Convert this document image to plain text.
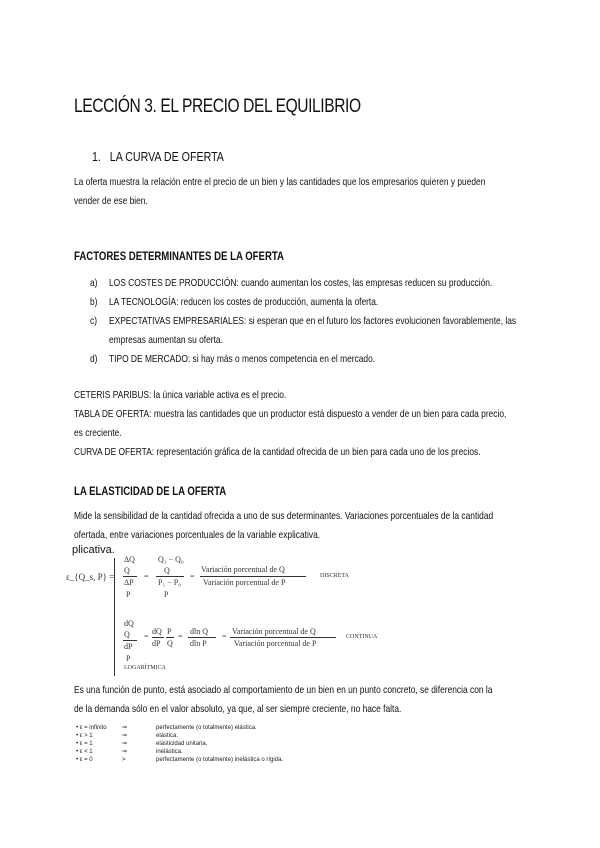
LECCIÓN 3. EL PRECIO DEL EQUILIBRIO
1. LA CURVA DE OFERTA
La oferta muestra la relación entre el precio de un bien y las cantidades que los empresarios quieren y pueden
vender de ese bien.
FACTORES DETERMINANTES DE LA OFERTA
a) LOS COSTES DE PRODUCCIÓN: cuando aumentan los costes, las empresas reducen su producción.
b) LA TECNOLOGÍA: reducen los costes de producción, aumenta la oferta.
c) EXPECTATIVAS EMPRESARIALES: si esperan que en el futuro los factores evolucionen favorablemente, las
empresas aumentan su oferta.
d) TIPO DE MERCADO: si hay más o menos competencia en el mercado.
CETERIS PARIBUS: la única variable activa es el precio.
TABLA DE OFERTA: muestra las cantidades que un productor está dispuesto a vender de un bien para cada precio,
es creciente.
CURVA DE OFERTA: representación gráfica de la cantidad ofrecida de un bien para cada uno de los precios.
LA ELASTICIDAD DE LA OFERTA
Mide la sensibilidad de la cantidad ofrecida a uno de sus determinantes. Variaciones porcentuales de la cantidad
ofertada, entre variaciones porcentuales de la variable explicativa.
plicativa.
ε_{Q_s, P} =
ΔQ
Q
ΔP
P
=
Q₁ − Q₀
Q
P₁ − P₀
P
=
Variación porcentual de Q
Variación porcentual de P
DISCRETA
dQ
Q
dP
P
=
dQ
dP
P
Q
=
dln Q
dln P
=
Variación porcentual de Q
Variación porcentual de P
CONTINUA
LOGARÍTMICA
Es una función de punto, está asociado al comportamiento de un bien en un punto concreto, se diferencia con la
de la demanda sólo en el valor absoluto, ya que, al ser siempre creciente, no hace falta.
• ε = infinito	⇒	perfectamente (o totalmente) elástica.
• ε > 1	⇒	elástica.
• ε = 1	⇒	elasticidad unitaria.
• ε < 1	⇒	inelástica.
• ε = 0	>	perfectamente (o totalmente) inelástica o rígida.
